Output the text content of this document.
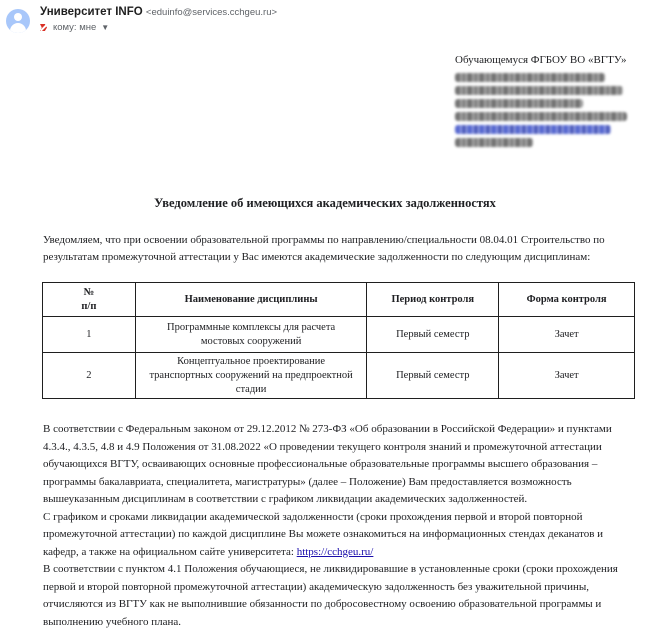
Университет INFO <eduinfo@services.cchgeu.ru>
кому: мне ▼
Обучающемуся ФГБОУ ВО «ВГТУ»
Уведомление об имеющихся академических задолженностях
Уведомляем, что при освоении образовательной программы по направлению/специальности 08.04.01 Строительство по результатам промежуточной аттестации у Вас имеются академические задолженности по следующим дисциплинам:
№
п/п	Наименование дисциплины	Период контроля	Форма контроля
1	Программные комплексы для расчета
мостовых сооружений	Первый семестр	Зачет
2	Концептуальное проектирование
транспортных сооружений на предпроектной
стадии	Первый семестр	Зачет
В соответствии с Федеральным законом от 29.12.2012 № 273-ФЗ «Об образовании в Российской Федерации» и пунктами 4.3.4., 4.3.5, 4.8 и 4.9 Положения от 31.08.2022 «О проведении текущего контроля знаний и промежуточной аттестации обучающихся ВГТУ, осваивающих основные профессиональные образовательные программы высшего образования – программы бакалавриата, специалитета, магистратуры» (далее – Положение) Вам предоставляется возможность вышеуказанным дисциплинам в соответствии с графиком ликвидации академических задолженностей.
С графиком и сроками ликвидации академической задолженности (сроки прохождения первой и второй повторной промежуточной аттестации) по каждой дисциплине Вы можете ознакомиться на информационных стендах деканатов и кафедр, а также на официальном сайте университета: https://cchgeu.ru/
В соответствии с пунктом 4.1 Положения обучающиеся, не ликвидировавшие в установленные сроки (сроки прохождения первой и второй повторной промежуточной аттестации) академическую задолженность без уважительной причины, отчисляются из ВГТУ как не выполнившие обязанности по добросовестному освоению образовательной программы и выполнению учебного плана.
